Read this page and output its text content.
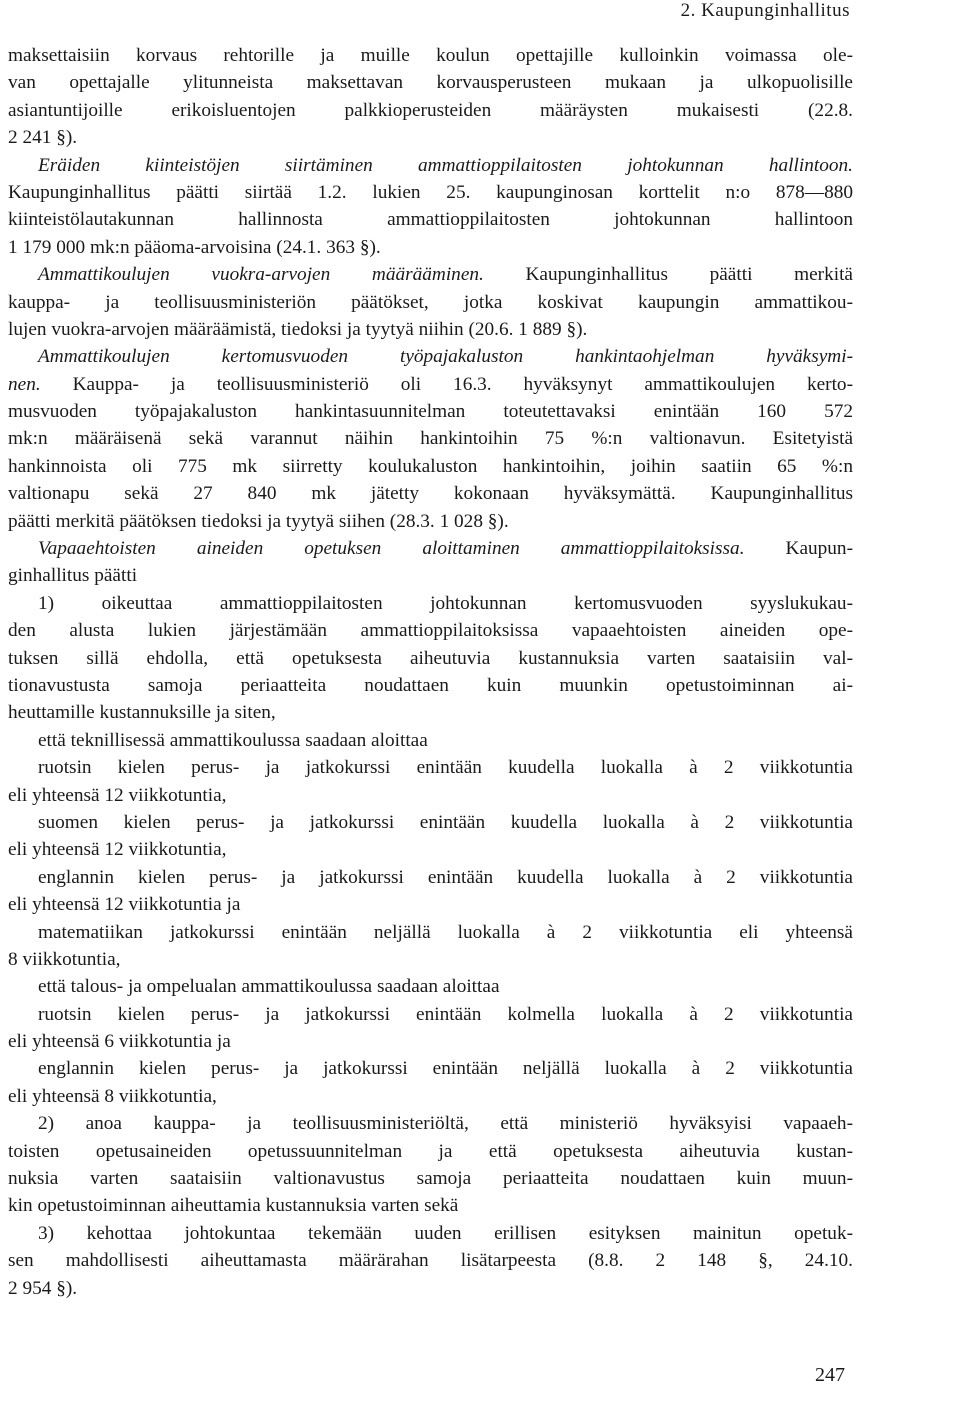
2. Kaupunginhallitus
maksettaisiin korvaus rehtorille ja muille koulun opettajille kulloinkin voimassa ole-
van opettajalle ylitunneista maksettavan korvausperusteen mukaan ja ulkopuolisille
asiantuntijoille erikoisluentojen palkkioperusteiden määräysten mukaisesti (22.8.
2 241 §).
Eräiden kiinteistöjen siirtäminen ammattioppilaitosten johtokunnan hallintoon.
Kaupunginhallitus päätti siirtää 1.2. lukien 25. kaupunginosan korttelit n:o 878—880
kiinteistölautakunnan hallinnosta ammattioppilaitosten johtokunnan hallintoon
1 179 000 mk:n pääoma-arvoisina (24.1. 363 §).
Ammattikoulujen vuokra-arvojen määrääminen. Kaupunginhallitus päätti merkitä
kauppa- ja teollisuusministeriön päätökset, jotka koskivat kaupungin ammattikou-
lujen vuokra-arvojen määräämistä, tiedoksi ja tyytyä niihin (20.6. 1 889 §).
Ammattikoulujen kertomusvuoden työpajakaluston hankintaohjelman hyväksymi-
nen. Kauppa- ja teollisuusministeriö oli 16.3. hyväksynyt ammattikoulujen kerto-
musvuoden työpajakaluston hankintasuunnitelman toteutettavaksi enintään 160 572
mk:n määräisenä sekä varannut näihin hankintoihin 75 %:n valtionavun. Esitetyistä
hankinnoista oli 775 mk siirretty koulukaluston hankintoihin, joihin saatiin 65 %:n
valtionapu sekä 27 840 mk jätetty kokonaan hyväksymättä. Kaupunginhallitus
päätti merkitä päätöksen tiedoksi ja tyytyä siihen (28.3. 1 028 §).
Vapaaehtoisten aineiden opetuksen aloittaminen ammattioppilaitoksissa. Kaupun-
ginhallitus päätti
1) oikeuttaa ammattioppilaitosten johtokunnan kertomusvuoden syyslukukau-
den alusta lukien järjestämään ammattioppilaitoksissa vapaaehtoisten aineiden ope-
tuksen sillä ehdolla, että opetuksesta aiheutuvia kustannuksia varten saataisiin val-
tionavustusta samoja periaatteita noudattaen kuin muunkin opetustoiminnan ai-
heuttamille kustannuksille ja siten,
että teknillisessä ammattikoulussa saadaan aloittaa
ruotsin kielen perus- ja jatkokurssi enintään kuudella luokalla à 2 viikkotuntia
eli yhteensä 12 viikkotuntia,
suomen kielen perus- ja jatkokurssi enintään kuudella luokalla à 2 viikkotuntia
eli yhteensä 12 viikkotuntia,
englannin kielen perus- ja jatkokurssi enintään kuudella luokalla à 2 viikkotuntia
eli yhteensä 12 viikkotuntia ja
matematiikan jatkokurssi enintään neljällä luokalla à 2 viikkotuntia eli yhteensä
8 viikkotuntia,
että talous- ja ompelualan ammattikoulussa saadaan aloittaa
ruotsin kielen perus- ja jatkokurssi enintään kolmella luokalla à 2 viikkotuntia
eli yhteensä 6 viikkotuntia ja
englannin kielen perus- ja jatkokurssi enintään neljällä luokalla à 2 viikkotuntia
eli yhteensä 8 viikkotuntia,
2) anoa kauppa- ja teollisuusministeriöltä, että ministeriö hyväksyisi vapaaeh-
toisten opetusaineiden opetussuunnitelman ja että opetuksesta aiheutuvia kustan-
nuksia varten saataisiin valtionavustus samoja periaatteita noudattaen kuin muun-
kin opetustoiminnan aiheuttamia kustannuksia varten sekä
3) kehottaa johtokuntaa tekemään uuden erillisen esityksen mainitun opetuk-
sen mahdollisesti aiheuttamasta määrärahan lisätarpeesta (8.8. 2 148 §, 24.10.
2 954 §).
247
